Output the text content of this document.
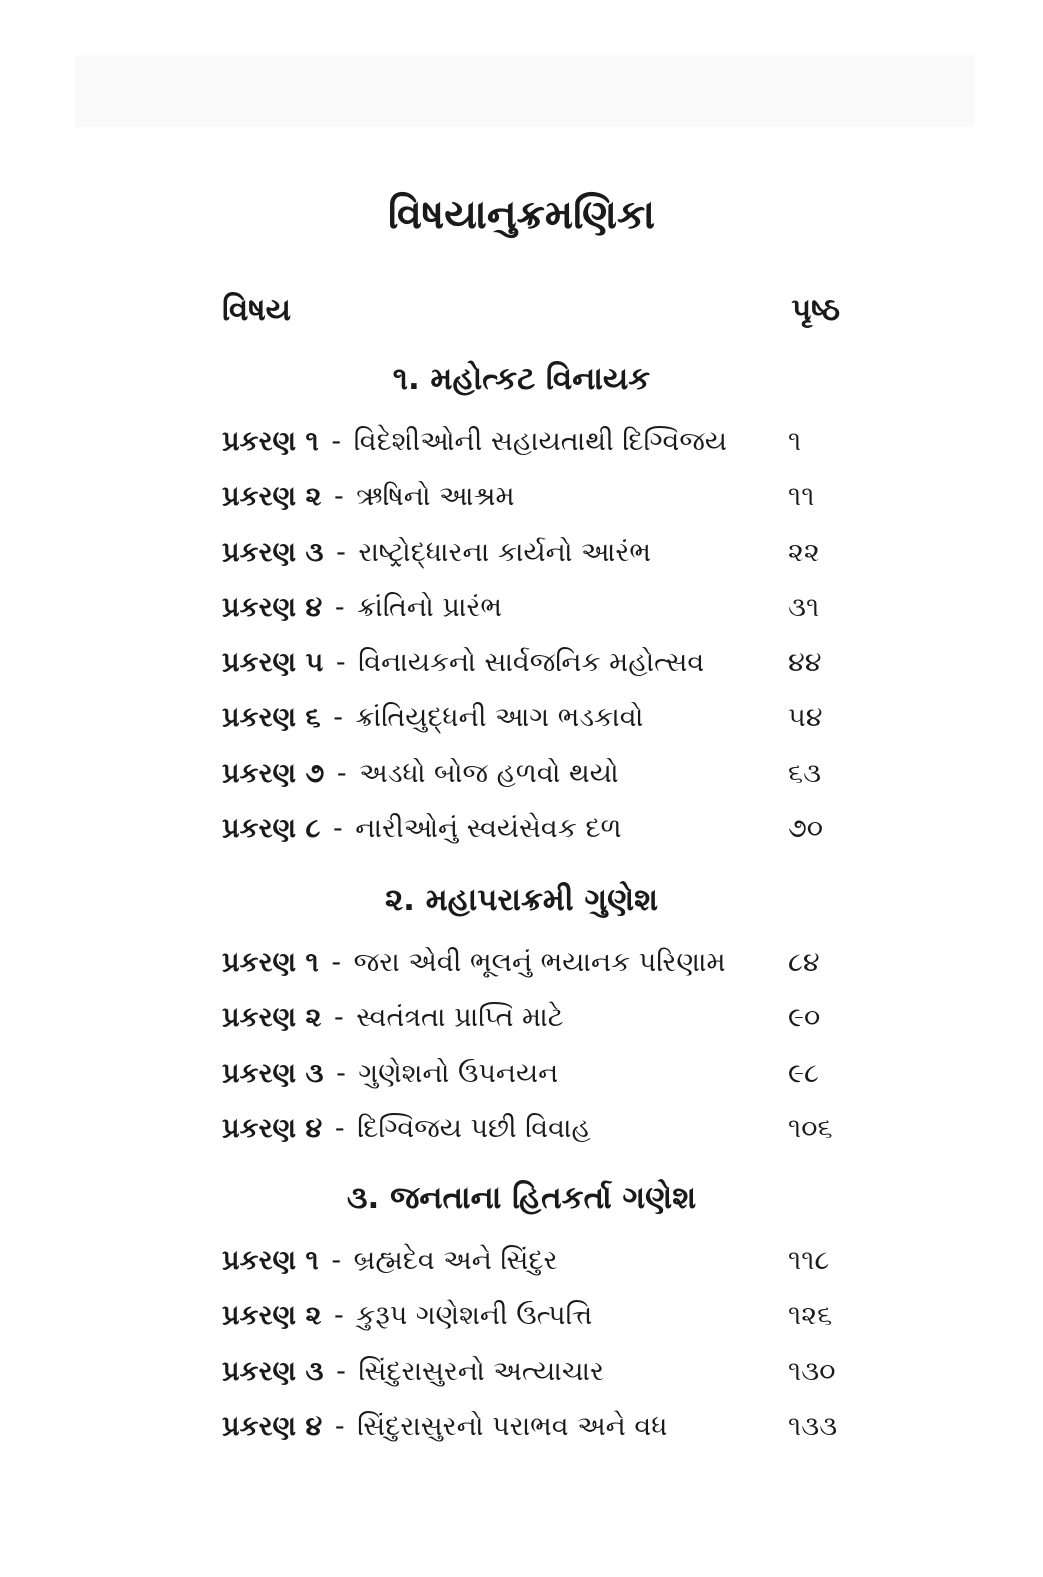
વિષયાનુક્રમણિકા
વિષય	પૃષ્ઠ
૧. મહોત્કટ વિનાયક
પ્રકરણ ૧ - વિદેશીઓની સહાયતાથી દિગ્વિજય ૧
પ્રકરણ ૨ - ઋષિનો આશ્રમ	૧૧
પ્રકરણ ૩ - રાષ્ટ્રોદ્ધારના કાર્યનો આરંભ	૨૨
પ્રકરણ ૪ - ક્રાંતિનો પ્રારંભ	૩૧
પ્રકરણ ૫ - વિનાયકનો સાર્વજનિક મહોત્સવ	૪૪
પ્રકરણ ૬ - ક્રાંતિયુદ્ધની આગ ભડકાવો	૫૪
પ્રકરણ ૭ - અડધો બોજ હળવો થયો	૬૩
પ્રકરણ ૮ - નારીઓનું સ્વયંસેવક દળ	૭૦
૨. મહાપરાક્રમી ગુણેશ
પ્રકરણ ૧ - જરા એવી ભૂલનું ભયાનક પરિણામ ૮૪
પ્રકરણ ૨ - સ્વતંત્રતા પ્રાપ્તિ માટે	૯૦
પ્રકરણ ૩ - ગુણેશનો ઉપનયન	૯૮
પ્રકરણ ૪ - દિગ્વિજય પછી વિવાહ	૧૦૬
૩. જનતાના હિતકર્તા ગણેશ
પ્રકરણ ૧ - બ્રહ્મદેવ અને સિંદુર	૧૧૮
પ્રકરણ ૨ - કુરૂપ ગણેશની ઉત્પત્તિ	૧૨૬
પ્રકરણ ૩ - સિંદુરાસુરનો અત્યાચાર	૧૩૦
પ્રકરણ ૪ - સિંદુરાસુરનો પરાભવ અને વધ	૧૩૩
